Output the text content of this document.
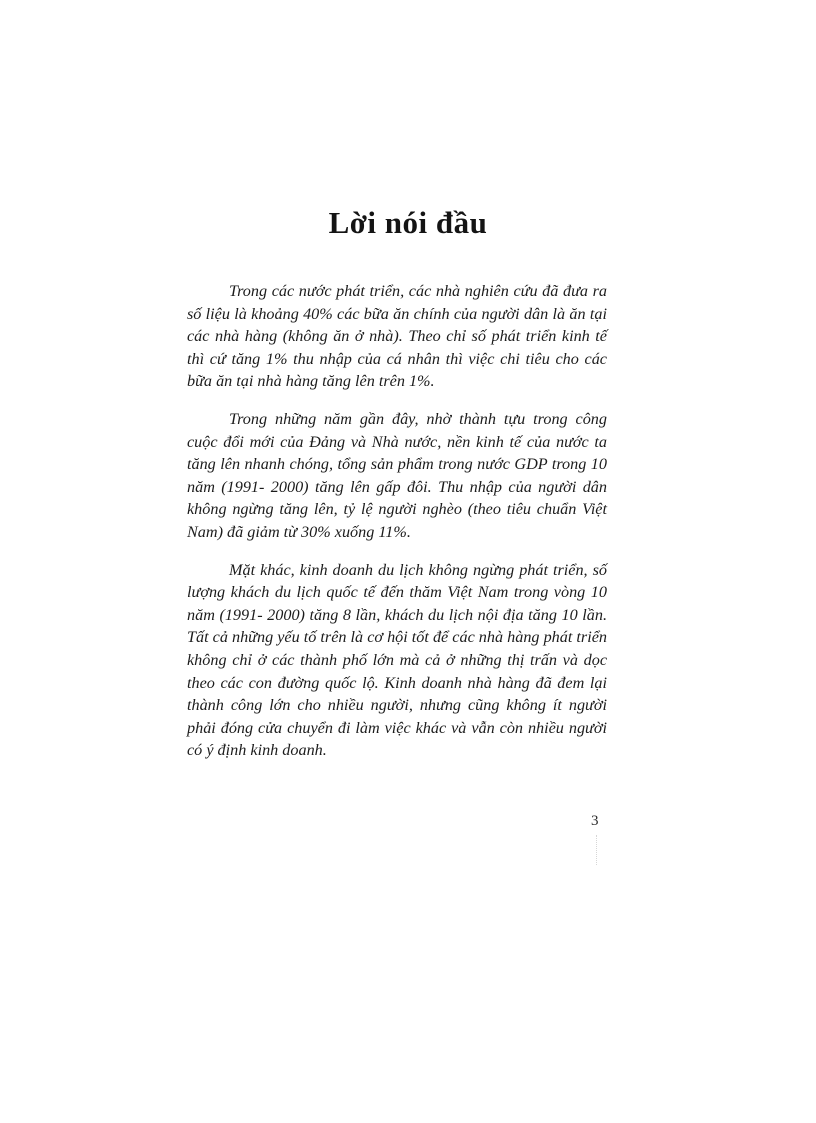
Lời nói đầu

Trong các nước phát triển, các nhà nghiên cứu đã đưa ra số liệu là khoảng 40% các bữa ăn chính của người dân là ăn tại các nhà hàng (không ăn ở nhà). Theo chỉ số phát triển kinh tế thì cứ tăng 1% thu nhập của cá nhân thì việc chi tiêu cho các bữa ăn tại nhà hàng tăng lên trên 1%.

Trong những năm gần đây, nhờ thành tựu trong công cuộc đổi mới của Đảng và Nhà nước, nền kinh tế của nước ta tăng lên nhanh chóng, tổng sản phẩm trong nước GDP trong 10 năm (1991- 2000) tăng lên gấp đôi. Thu nhập của người dân không ngừng tăng lên, tỷ lệ người nghèo (theo tiêu chuẩn Việt Nam) đã giảm từ 30% xuống 11%.

Mặt khác, kinh doanh du lịch không ngừng phát triển, số lượng khách du lịch quốc tế đến thăm Việt Nam trong vòng 10 năm (1991- 2000) tăng 8 lần, khách du lịch nội địa tăng 10 lần. Tất cả những yếu tố trên là cơ hội tốt để các nhà hàng phát triển không chỉ ở các thành phố lớn mà cả ở những thị trấn và dọc theo các con đường quốc lộ. Kinh doanh nhà hàng đã đem lại thành công lớn cho nhiều người, nhưng cũng không ít người phải đóng cửa chuyển đi làm việc khác và vẫn còn nhiều người có ý định kinh doanh.

3
